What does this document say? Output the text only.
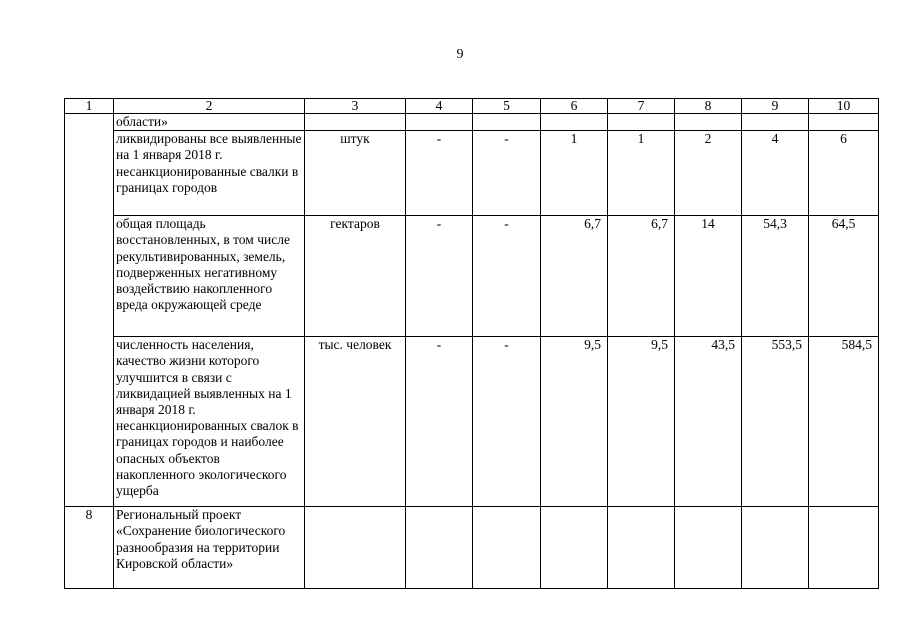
9
1	2	3	4	5	6	7	8	9	10
	области»								
	ликвидированы все выявленные на 1 января 2018 г. несанкционированные свалки в границах городов	штук	-	-	1	1	2	4	6
	общая площадь восстановленных, в том числе рекультивированных, земель, подверженных негативному воздействию накопленного вреда окружающей среде	гектаров	-	-	6,7	6,7	14	54,3	64,5
	численность населения, качество жизни которого улучшится в связи с ликвидацией выявленных на 1 января 2018 г. несанкционированных свалок в границах городов и наиболее опасных объектов накопленного экологического ущерба	тыс. человек	-	-	9,5	9,5	43,5	553,5	584,5
8	Региональный проект «Сохранение биологического разнообразия на территории Кировской области»								
